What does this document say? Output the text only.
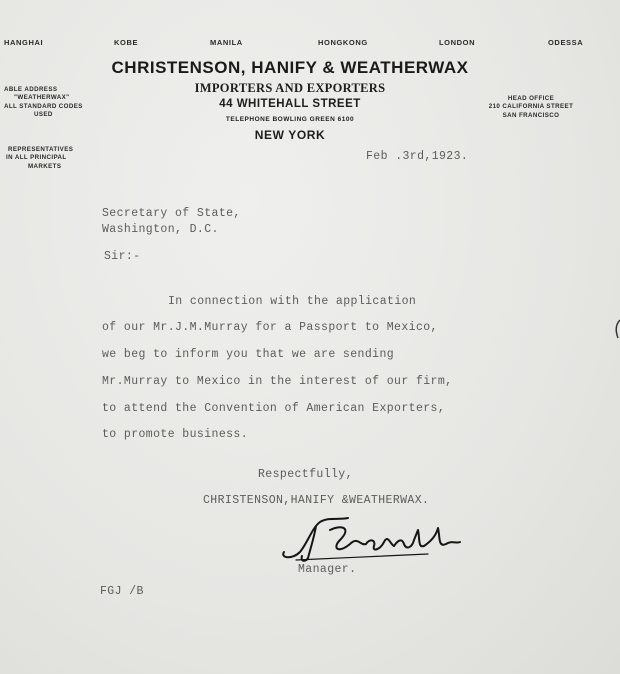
HANGHAI	KOBE	MANILA	HONGKONG	LONDON	ODESSA
CHRISTENSON, HANIFY & WEATHERWAX
IMPORTERS AND EXPORTERS
44 WHITEHALL STREET
TELEPHONE BOWLING GREEN 6100
NEW YORK
ABLE ADDRESS
"WEATHERWAX"
ALL STANDARD CODES
USED
REPRESENTATIVES
IN ALL PRINCIPAL
MARKETS
HEAD OFFICE
210 CALIFORNIA STREET
SAN FRANCISCO
Feb .3rd,1923.
Secretary of State,
Washington, D.C.
Sir:-
In connection with the application
of our Mr.J.M.Murray for a Passport to Mexico,
we beg to inform you that we are sending
Mr.Murray to Mexico in the interest of our firm,
to attend the Convention of American Exporters,
to promote business.
Respectfully,
CHRISTENSON,HANIFY &WEATHERWAX.
Manager.
FGJ /B
